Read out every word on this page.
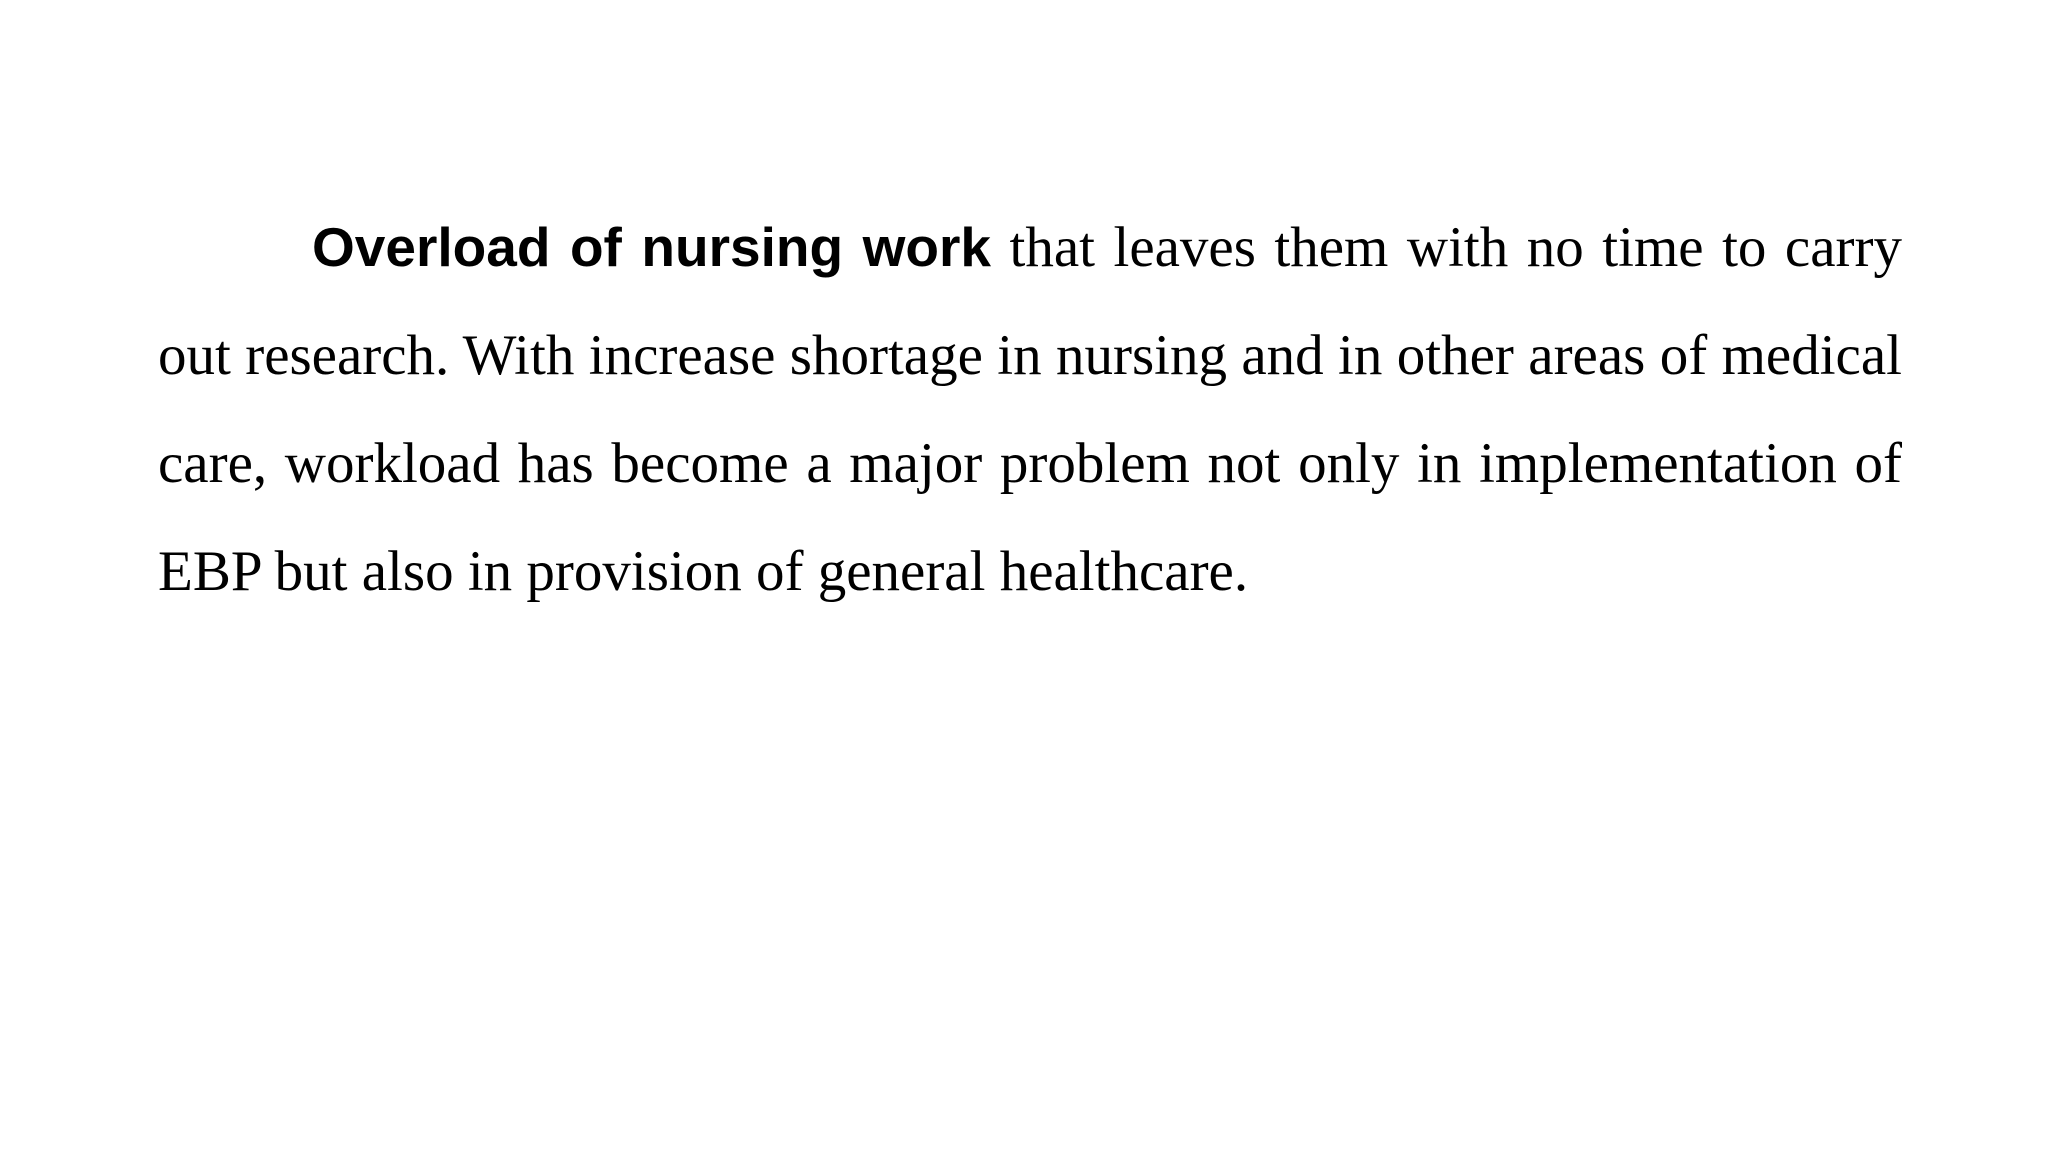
Overload of nursing work that leaves them with no time to carry out research. With increase shortage in nursing and in other areas of medical care, workload has become a major problem not only in implementation of EBP but also in provision of general healthcare.
